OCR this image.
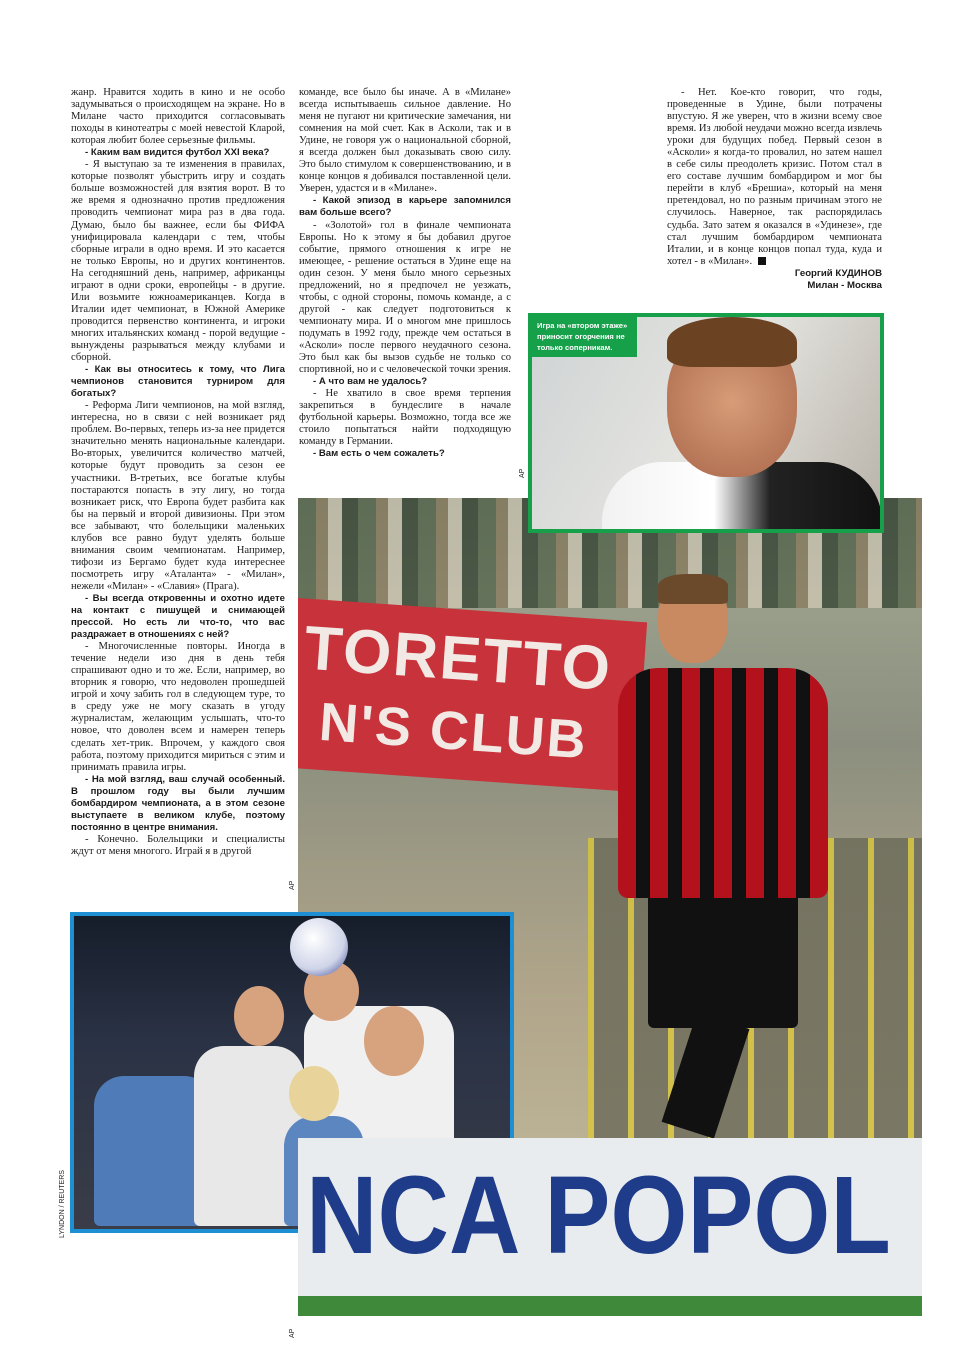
жанр. Нравится ходить в кино и не особо задумываться о происходящем на экране. Но в Милане часто приходится согласовывать походы в кинотеатры с моей невестой Кларой, которая любит более серьезные фильмы.

- Каким вам видится футбол XXI века?

- Я выступаю за те изменения в правилах, которые позволят убыстрить игру и создать больше возможностей для взятия ворот. В то же время я однозначно против предложения проводить чемпионат мира раз в два года. Думаю, было бы важнее, если бы ФИФА унифицировала календари с тем, чтобы сборные играли в одно время. И это касается не только Европы, но и других континентов. На сегодняшний день, например, африканцы играют в одни сроки, европейцы - в другие. Или возьмите южноамериканцев. Когда в Италии идет чемпионат, в Южной Америке проводится первенство континента, и игроки многих итальянских команд - порой ведущие - вынуждены разрываться между клубами и сборной.

- Как вы относитесь к тому, что Лига чемпионов становится турниром для богатых?

- Реформа Лиги чемпионов, на мой взгляд, интересна, но в связи с ней возникает ряд проблем. Во-первых, теперь из-за нее придется значительно менять национальные календари. Во-вторых, увеличится количество матчей, которые будут проводить за сезон ее участники. В-третьих, все богатые клубы постараются попасть в эту лигу, но тогда возникает риск, что Европа будет разбита как бы на первый и второй дивизионы. При этом все забывают, что болельщики маленьких клубов все равно будут уделять больше внимания своим чемпионатам. Например, тифози из Бергамо будет куда интереснее посмотреть игру «Аталанта» - «Милан», нежели «Милан» - «Славия» (Прага).

- Вы всегда откровенны и охотно идете на контакт с пишущей и снимающей прессой. Но есть ли что-то, что вас раздражает в отношениях с ней?

- Многочисленные повторы. Иногда в течение недели изо дня в день тебя спрашивают одно и то же. Если, например, во вторник я говорю, что недоволен прошедшей игрой и хочу забить гол в следующем туре, то в среду уже не могу сказать в угоду журналистам, желающим услышать, что-то новое, что доволен всем и намерен теперь сделать хет-трик. Впрочем, у каждого своя работа, поэтому приходится мириться с этим и принимать правила игры.

- На мой взгляд, ваш случай особенный. В прошлом году вы были лучшим бомбардиром чемпионата, а в этом сезоне выступаете в великом клубе, поэтому постоянно в центре внимания.

- Конечно. Болельщики и специалисты ждут от меня многого. Играй я в другой

команде, все было бы иначе. А в «Милане» всегда испытываешь сильное давление. Но меня не пугают ни критические замечания, ни сомнения на мой счет. Как в Асколи, так и в Удине, не говоря уж о национальной сборной, я всегда должен был доказывать свою силу. Это было стимулом к совершенствованию, и в конце концов я добивался поставленной цели. Уверен, удастся и в «Милане».

- Какой эпизод в карьере запомнился вам больше всего?

- «Золотой» гол в финале чемпионата Европы. Но к этому я бы добавил другое событие, прямого отношения к игре не имеющее, - решение остаться в Удине еще на один сезон. У меня было много серьезных предложений, но я предпочел не уезжать, чтобы, с одной стороны, помочь команде, а с другой - как следует подготовиться к чемпионату мира. И о многом мне пришлось подумать в 1992 году, прежде чем остаться в «Асколи» после первого неудачного сезона. Это был как бы вызов судьбе не только со спортивной, но и с человеческой точки зрения.

- А что вам не удалось?

- Не хватило в свое время терпения закрепиться в бундеслиге в начале футбольной карьеры. Возможно, тогда все же стоило попытаться найти подходящую команду в Германии.

- Вам есть о чем сожалеть?

- Нет. Кое-кто говорит, что годы, проведенные в Удине, были потрачены впустую. Я же уверен, что в жизни всему свое время. Из любой неудачи можно всегда извлечь уроки для будущих побед. Первый сезон в «Асколи» я когда-то провалил, но затем нашел в себе силы преодолеть кризис. Потом стал в его составе лучшим бомбардиром и мог бы перейти в клуб «Брешиа», который на меня претендовал, но по разным причинам этого не случилось. Наверное, так распорядилась судьба. Зато затем я оказался в «Удинезе», где стал лучшим бомбардиром чемпионата Италии, и в конце концов попал туда, куда и хотел - в «Милан».

Георгий КУДИНОВ
Милан - Москва
TORETTO
N'S CLUB
NCA POPOL
Игра на «втором этаже» приносит огорчения не только соперникам.
AP
AP
AP
LYNDON / REUTERS
